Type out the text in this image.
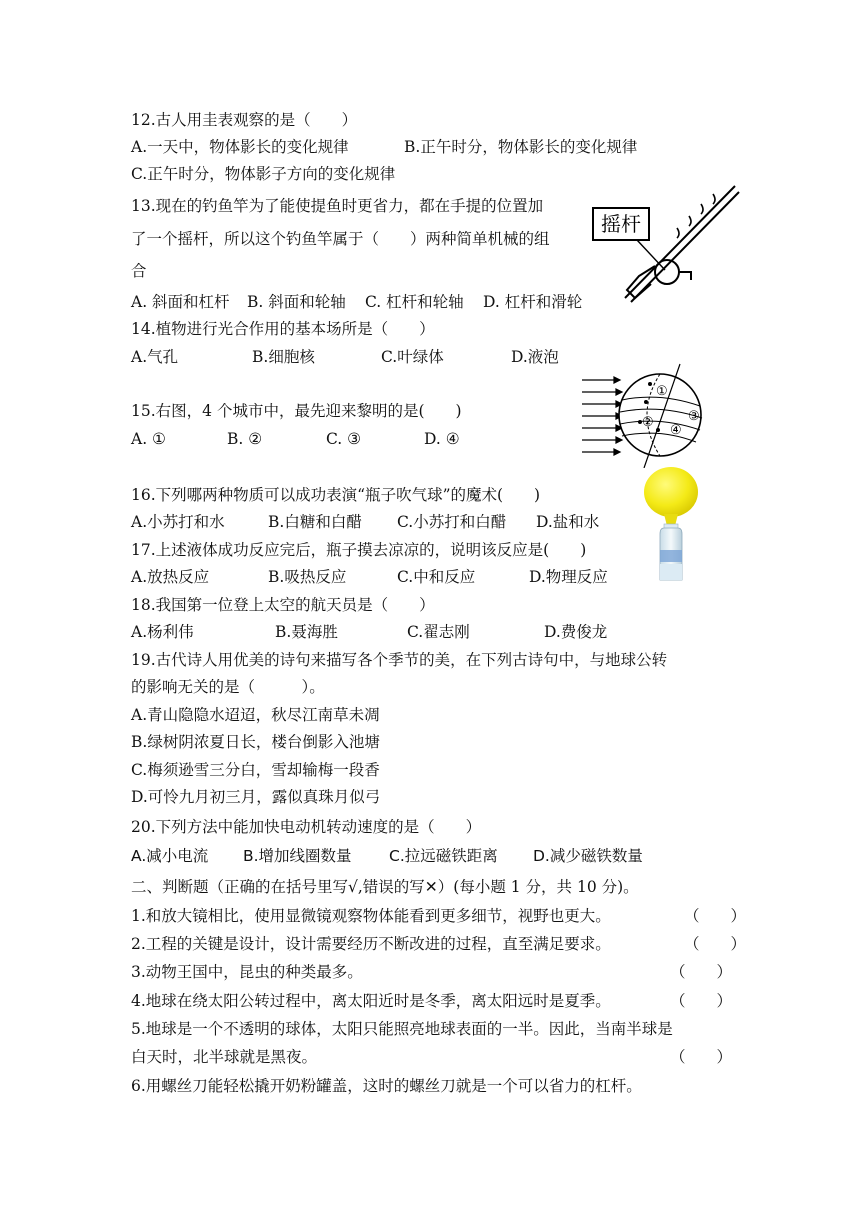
12.古人用圭表观察的是（　　）
A.一天中，物体影长的变化规律	B.正午时分，物体影长的变化规律
C.正午时分，物体影子方向的变化规律
13.现在的钓鱼竿为了能使提鱼时更省力，都在手提的位置加
了一个摇杆，所以这个钓鱼竿属于（　　）两种简单机械的组
合
A. 斜面和杠杆 B. 斜面和轮轴 C. 杠杆和轮轴 D. 杠杆和滑轮
摇杆
14.植物进行光合作用的基本场所是（　　）
A.气孔	B.细胞核	C.叶绿体	D.液泡
15.右图，4 个城市中，最先迎来黎明的是(　　)
A. ①	B. ②	C. ③	D. ④
①
②	③
④
16.下列哪两种物质可以成功表演“瓶子吹气球”的魔术(　　)
A.小苏打和水	B.白糖和白醋 C.小苏打和白醋 D.盐和水
17.上述液体成功反应完后，瓶子摸去凉凉的，说明该反应是(　　)
A.放热反应	B.吸热反应	C.中和反应	D.物理反应
18.我国第一位登上太空的航天员是（　　）
A.杨利伟	B.聂海胜	C.翟志刚	D.费俊龙
19.古代诗人用优美的诗句来描写各个季节的美，在下列古诗句中，与地球公转
的影响无关的是（　　　）。
A.青山隐隐水迢迢，秋尽江南草未凋
B.绿树阴浓夏日长，楼台倒影入池塘
C.梅须逊雪三分白，雪却输梅一段香
D.可怜九月初三月，露似真珠月似弓
20.下列方法中能加快电动机转动速度的是（　　）
A.减小电流 B.增加线圈数量 C.拉远磁铁距离 D.减少磁铁数量
二、判断题（正确的在括号里写√,错误的写✕）(每小题 1 分，共 10 分)。
1.和放大镜相比，使用显微镜观察物体能看到更多细节，视野也更大。	（　　）
2.工程的关键是设计，设计需要经历不断改进的过程，直至满足要求。	（　　）
3.动物王国中，昆虫的种类最多。	（　　）
4.地球在绕太阳公转过程中，离太阳近时是冬季，离太阳远时是夏季。	（　　）
5.地球是一个不透明的球体，太阳只能照亮地球表面的一半。因此，当南半球是
白天时，北半球就是黑夜。	（　　）
6.用螺丝刀能轻松撬开奶粉罐盖，这时的螺丝刀就是一个可以省力的杠杆。
